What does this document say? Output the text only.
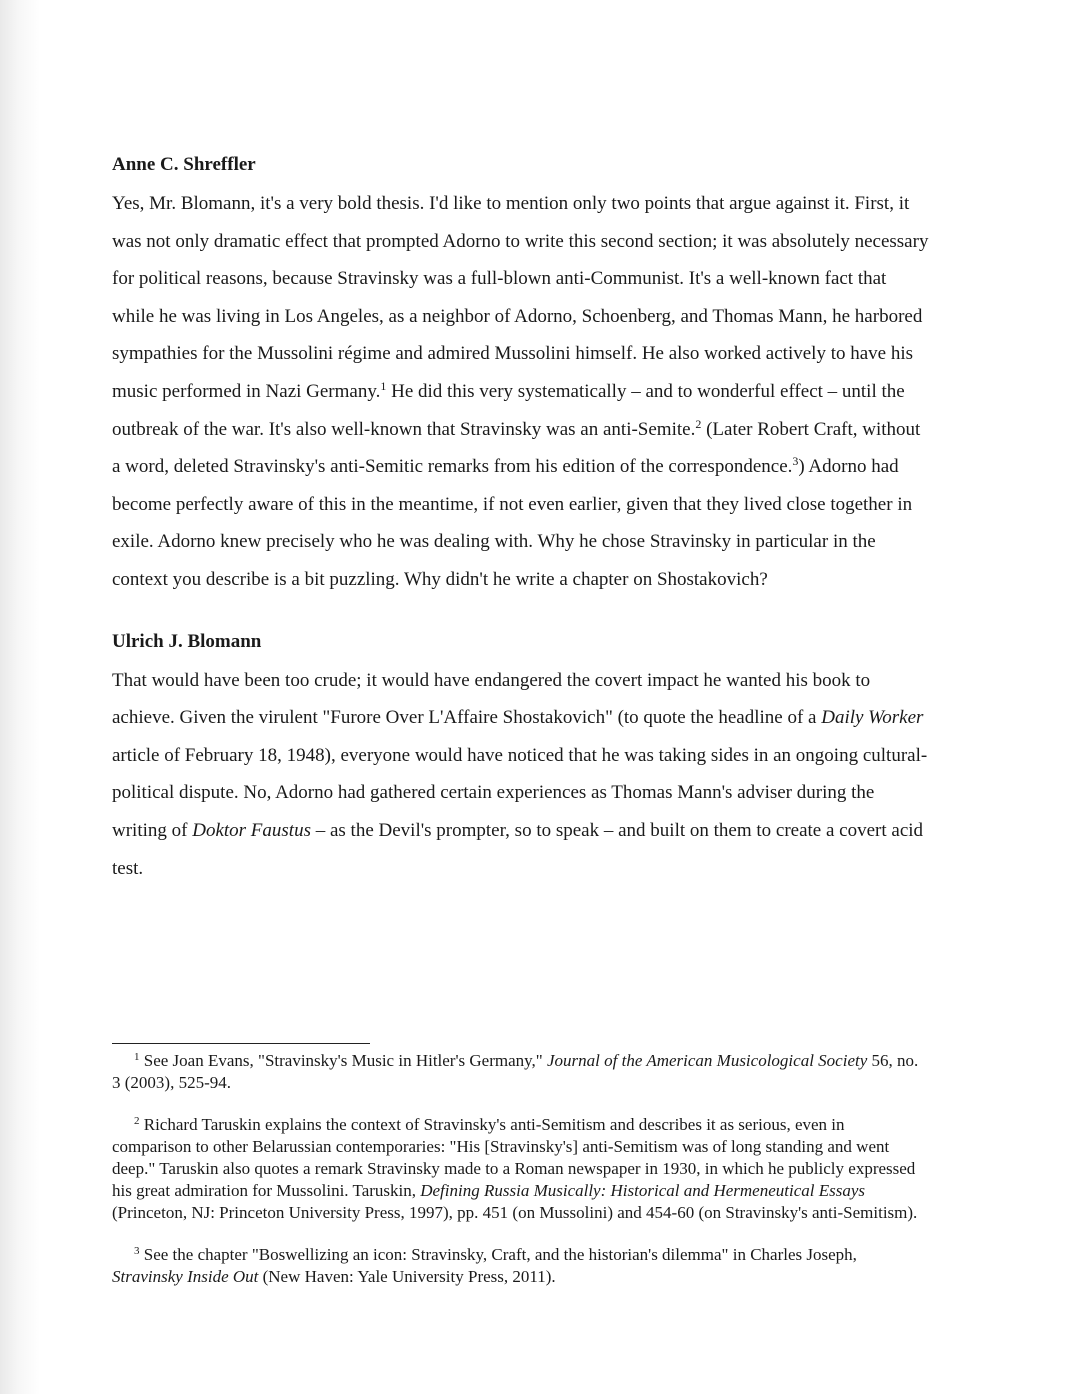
Anne C. Shreffler

Yes, Mr. Blomann, it's a very bold thesis. I'd like to mention only two points that argue against it. First, it was not only dramatic effect that prompted Adorno to write this second section; it was absolutely necessary for political reasons, because Stravinsky was a full-blown anti-Communist. It's a well-known fact that while he was living in Los Angeles, as a neighbor of Adorno, Schoenberg, and Thomas Mann, he harbored sympathies for the Mussolini régime and admired Mussolini himself. He also worked actively to have his music performed in Nazi Germany.$^1$ He did this very systematically – and to wonderful effect – until the outbreak of the war. It's also well-known that Stravinsky was an anti-Semite.$^2$ (Later Robert Craft, without a word, deleted Stravinsky's anti-Semitic remarks from his edition of the correspondence.$^3$) Adorno had become perfectly aware of this in the meantime, if not even earlier, given that they lived close together in exile. Adorno knew precisely who he was dealing with. Why he chose Stravinsky in particular in the context you describe is a bit puzzling. Why didn't he write a chapter on Shostakovich?

Ulrich J. Blomann

That would have been too crude; it would have endangered the covert impact he wanted his book to achieve. Given the virulent "Furore Over L'Affaire Shostakovich" (to quote the headline of a Daily Worker article of February 18, 1948), everyone would have noticed that he was taking sides in an ongoing cultural-political dispute. No, Adorno had gathered certain experiences as Thomas Mann's adviser during the writing of Doktor Faustus – as the Devil's prompter, so to speak – and built on them to create a covert acid test.

$^1$ See Joan Evans, "Stravinsky's Music in Hitler's Germany," Journal of the American Musicological Society 56, no. 3 (2003), 525-94.

$^2$ Richard Taruskin explains the context of Stravinsky's anti-Semitism and describes it as serious, even in comparison to other Belarussian contemporaries: "His [Stravinsky's] anti-Semitism was of long standing and went deep." Taruskin also quotes a remark Stravinsky made to a Roman newspaper in 1930, in which he publicly expressed his great admiration for Mussolini. Taruskin, Defining Russia Musically: Historical and Hermeneutical Essays (Princeton, NJ: Princeton University Press, 1997), pp. 451 (on Mussolini) and 454-60 (on Stravinsky's anti-Semitism).

$^3$ See the chapter "Boswellizing an icon: Stravinsky, Craft, and the historian's dilemma" in Charles Joseph, Stravinsky Inside Out (New Haven: Yale University Press, 2011).
